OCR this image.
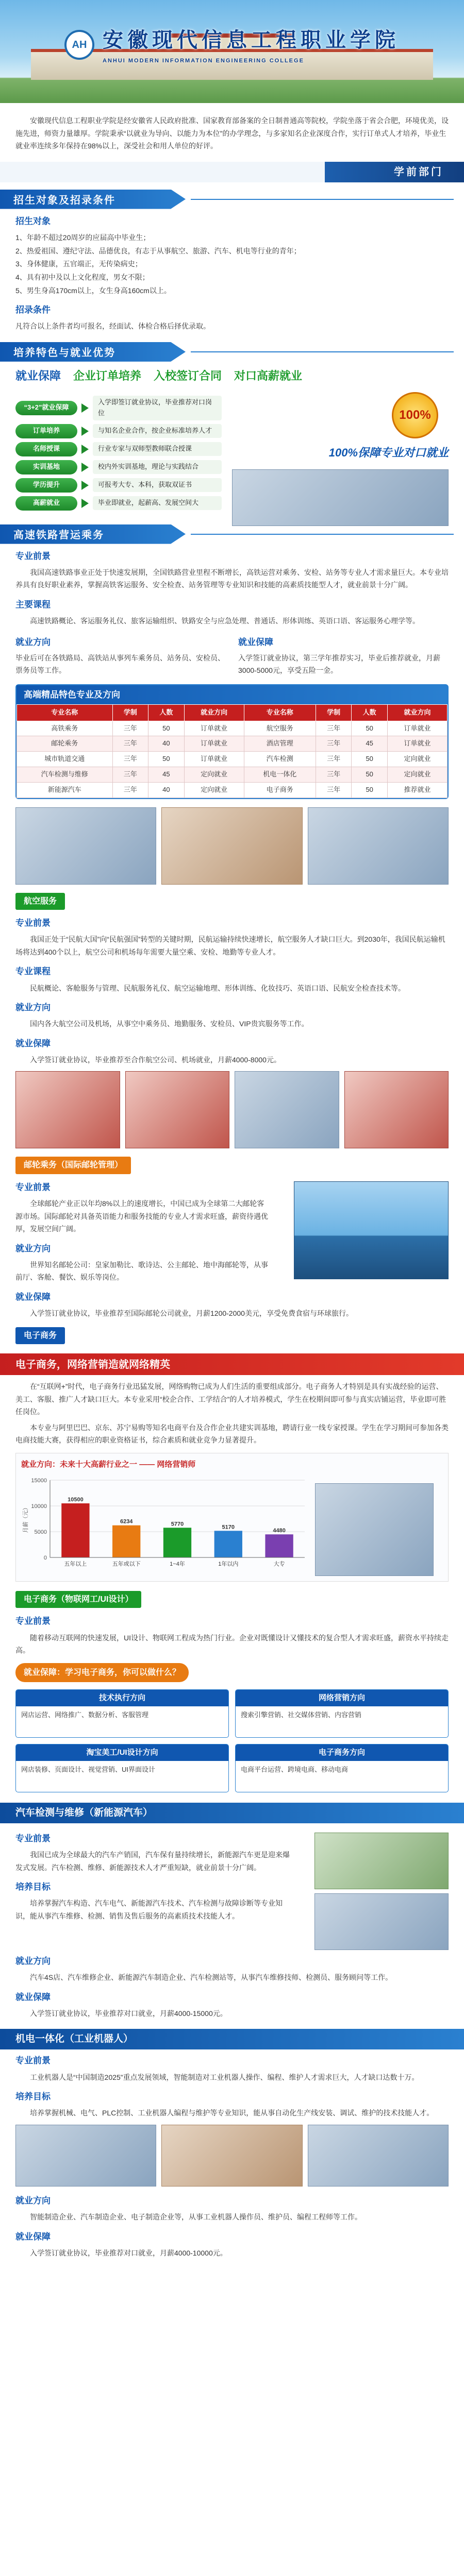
AH 安徽现代信息工程职业学院
ANHUI MODERN INFORMATION ENGINEERING COLLEGE

安徽现代信息工程职业学院是经安徽省人民政府批准、国家教育部备案的全日制普通高等院校，学院坐落于省会合肥，环境优美，设施先进，师资力量雄厚。学院秉承“以就业为导向、以能力为本位”的办学理念，与多家知名企业深度合作，实行订单式人才培养，毕业生就业率连续多年保持在98%以上，深受社会和用人单位的好评。

学前部门
招生对象及招录条件
招生对象
1、年龄不超过20周岁的应届高中毕业生；
2、热爱祖国、遵纪守法、品德优良，有志于从事航空、旅游、汽车、机电等行业的青年；
3、身体健康，五官端正，无传染病史；
4、具有初中及以上文化程度，男女不限；
5、男生身高170cm以上，女生身高160cm以上。
招录条件

凡符合以上条件者均可报名，经面试、体检合格后择优录取。

培养特色与就业优势
就业保障 企业订单培养 入校签订合同 对口高薪就业
“3+2”就业保障
入学即签订就业协议，毕业推荐对口岗位
订单培养	与知名企业合作，按企业标准培养人才
名师授课	行业专家与双师型教师联合授课
实训基地	校内外实训基地，理论与实践结合
学历提升	可报考大专、本科，获取双证书
高薪就业	毕业即就业，起薪高、发展空间大
100%
100%保障专业对口就业
高速铁路营运乘务
专业前景

我国高速铁路事业正处于快速发展期，全国铁路营业里程不断增长，高铁运营对乘务、安检、站务等专业人才需求量巨大。本专业培养具有良好职业素养，掌握高铁客运服务、安全检查、站务管理等专业知识和技能的高素质技能型人才，就业前景十分广阔。

主要课程

高速铁路概论、客运服务礼仪、旅客运输组织、铁路安全与应急处理、普通话、形体训练、英语口语、客运服务心理学等。

就业方向

毕业后可在各铁路局、高铁站从事列车乘务员、站务员、安检员、票务员等工作。

就业保障

入学签订就业协议，第三学年推荐实习，毕业后推荐就业，月薪3000-5000元，享受五险一金。

高端精品特色专业及方向
专业名称	学制	人数	就业方向	专业名称	学制	人数	就业方向
高铁乘务	三年	50	订单就业	航空服务	三年	50	订单就业
邮轮乘务	三年	40	订单就业	酒店管理	三年	45	订单就业
城市轨道交通	三年	50	订单就业	汽车检测	三年	50	定向就业
汽车检测与维修	三年	45	定向就业	机电一体化	三年	50	定向就业
新能源汽车	三年	40	定向就业	电子商务	三年	50	推荐就业
航空服务
专业前景

我国正处于“民航大国”向“民航强国”转型的关键时期，民航运输持续快速增长，航空服务人才缺口巨大。到2030年，我国民航运输机场将达到400个以上，航空公司和机场每年需要大量空乘、安检、地勤等专业人才。

专业课程

民航概论、客舱服务与管理、民航服务礼仪、航空运输地理、形体训练、化妆技巧、英语口语、民航安全检查技术等。

就业方向

国内各大航空公司及机场，从事空中乘务员、地勤服务、安检员、VIP贵宾服务等工作。

就业保障

入学签订就业协议，毕业推荐至合作航空公司、机场就业，月薪4000-8000元。

邮轮乘务（国际邮轮管理）
专业前景

全球邮轮产业正以年均8%以上的速度增长，中国已成为全球第二大邮轮客源市场。国际邮轮对具备英语能力和服务技能的专业人才需求旺盛，薪资待遇优厚，发展空间广阔。

就业方向

世界知名邮轮公司：皇家加勒比、歌诗达、公主邮轮、地中海邮轮等，从事前厅、客舱、餐饮、娱乐等岗位。

就业保障

入学签订就业协议，毕业推荐至国际邮轮公司就业，月薪1200-2000美元，享受免费食宿与环球旅行。

电子商务
电子商务，网络营销造就网络精英

在“互联网+”时代，电子商务行业迅猛发展，网络购物已成为人们生活的重要组成部分。电子商务人才特别是具有实战经验的运营、美工、客服、推广人才缺口巨大。本专业采用“校企合作、工学结合”的人才培养模式，学生在校期间即可参与真实店铺运营，毕业即可胜任岗位。

本专业与阿里巴巴、京东、苏宁易购等知名电商平台及合作企业共建实训基地，聘请行业一线专家授课。学生在学习期间可参加各类电商技能大赛，获得相应的职业资格证书，综合素质和就业竞争力显著提升。

就业方向：未来十大高薪行业之一 —— 网络营销师
0
5000
10000
15000
10500
五年以上
6234
五年或以下
5770
1~4年
5170
1年以内
4480
大专
月薪（元）
电子商务（物联网工/UI设计）
专业前景

随着移动互联网的快速发展，UI设计、物联网工程成为热门行业。企业对既懂设计又懂技术的复合型人才需求旺盛，薪资水平持续走高。

就业保障：学习电子商务，你可以做什么？
技术执行方向
网店运营、网络推广、数据分析、客服管理
网络营销方向
搜索引擎营销、社交媒体营销、内容营销
淘宝美工/UI设计方向
网店装修、页面设计、视觉营销、UI界面设计
电子商务方向
电商平台运营、跨境电商、移动电商
汽车检测与维修（新能源汽车）
专业前景

我国已成为全球最大的汽车产销国，汽车保有量持续增长，新能源汽车更是迎来爆发式发展。汽车检测、维修、新能源技术人才严重短缺，就业前景十分广阔。

培养目标

培养掌握汽车构造、汽车电气、新能源汽车技术、汽车检测与故障诊断等专业知识，能从事汽车维修、检测、销售及售后服务的高素质技术技能人才。

就业方向

汽车4S店、汽车维修企业、新能源汽车制造企业、汽车检测站等，从事汽车维修技师、检测员、服务顾问等工作。

就业保障

入学签订就业协议，毕业推荐对口就业，月薪4000-15000元。

机电一体化（工业机器人）
专业前景

工业机器人是“中国制造2025”重点发展领域，智能制造对工业机器人操作、编程、维护人才需求巨大，人才缺口达数十万。

培养目标

培养掌握机械、电气、PLC控制、工业机器人编程与维护等专业知识，能从事自动化生产线安装、调试、维护的技术技能人才。

就业方向

智能制造企业、汽车制造企业、电子制造企业等，从事工业机器人操作员、维护员、编程工程师等工作。

就业保障

入学签订就业协议，毕业推荐对口就业，月薪4000-10000元。
